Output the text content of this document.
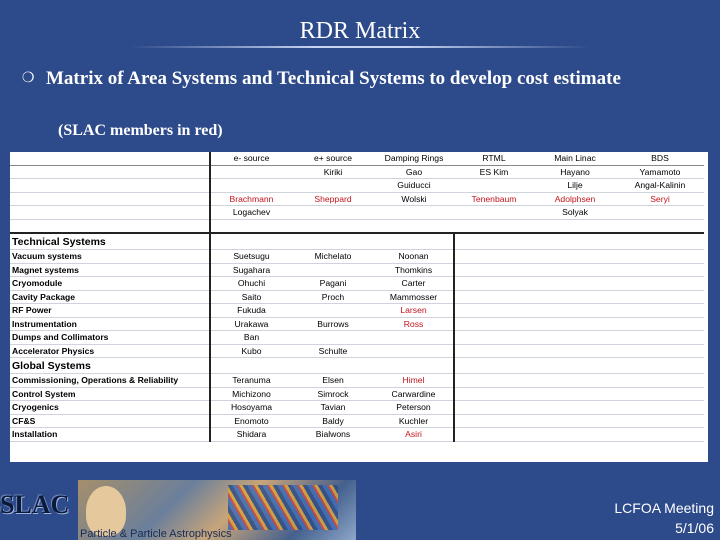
RDR Matrix
❍ Matrix of Area Systems and Technical Systems to develop cost estimate
(SLAC members in red)
	e- source	e+ source	Damping Rings	RTML	Main Linac	BDS
		Kiriki	Gao	ES Kim	Hayano	Yamamoto
			Guiducci		Lilje	Angal-Kalinin
	Brachmann	Sheppard	Wolski	Tenenbaum	Adolphsen	Seryi
	Logachev				Solyak	

Technical Systems						
Vacuum systems	Suetsugu	Michelato	Noonan			
Magnet systems	Sugahara		Thomkins			
Cryomodule	Ohuchi	Pagani	Carter			
Cavity Package	Saito	Proch	Mammosser			
RF Power	Fukuda		Larsen			
Instrumentation	Urakawa	Burrows	Ross			
Dumps and Collimators	Ban					
Accelerator Physics	Kubo	Schulte				
Global Systems						
Commissioning, Operations & Reliability	Teranuma	Elsen	Himel			
Control System	Michizono	Simrock	Carwardine			
Cryogenics	Hosoyama	Tavian	Peterson			
CF&S	Enomoto	Baldy	Kuchler			
Installation	Shidara	Bialwons	Asiri			
SLAC
Particle & Particle Astrophysics
LCFOA Meeting
5/1/06
